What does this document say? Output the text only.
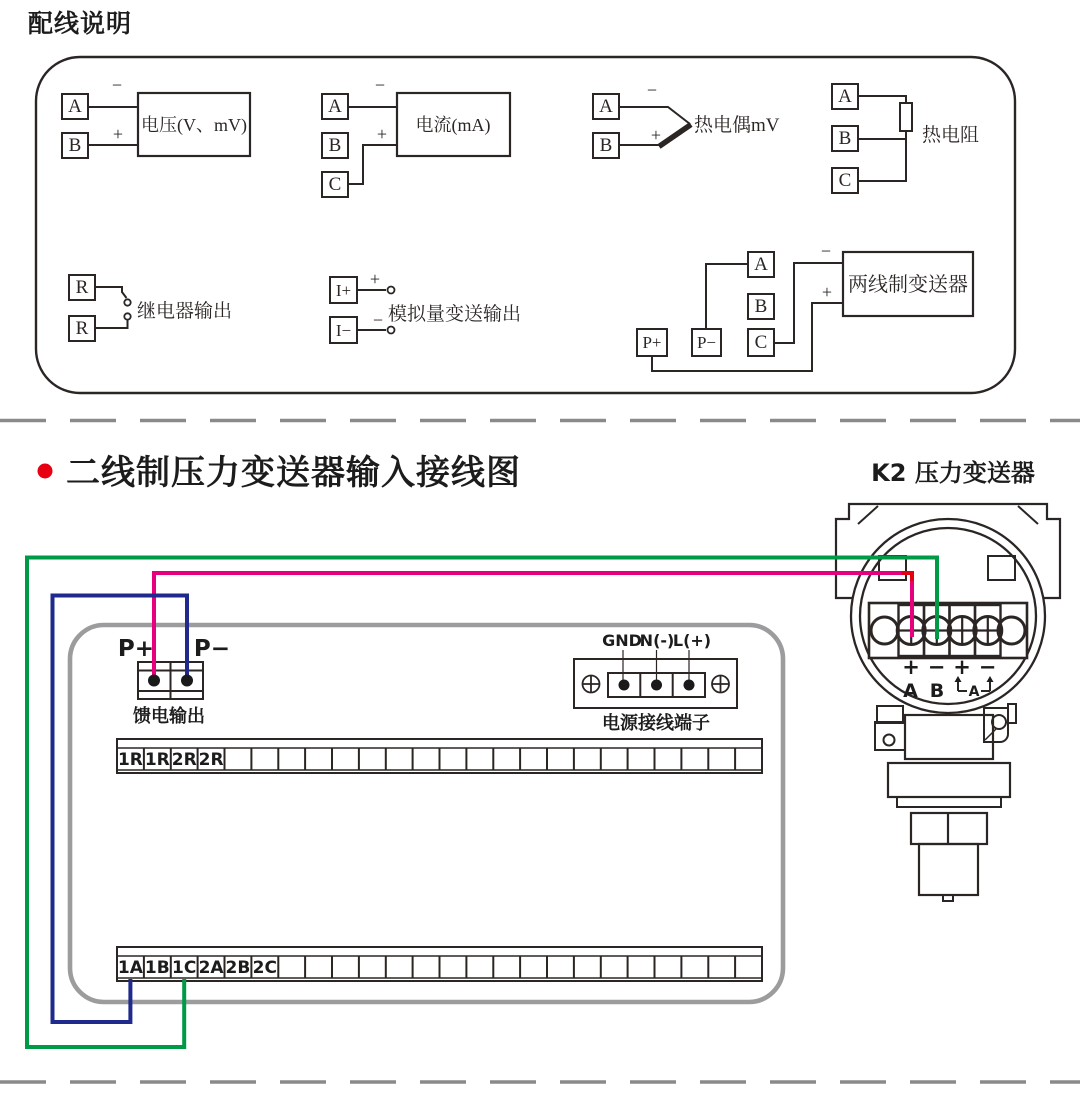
配线说明
A
B
−
+ 电压(V、mV)
A
B
C
−
+ 电流(mA)
A
B
−
+ 热电偶mV
A
B
C
热电阻
R
R
继电器输出
I+
I−
+
− 模拟量变送输出
P+ P−
A
B
C
−
+ 两线制变送器
二线制压力变送器输入接线图	K2 压力变送器
P+ P−
馈电输出
GND
N(-)
L(+)
电源接线端子
1R 1R 2R 2R
1A 1B 1C 2A 2B 2C
+ − + −
A B A
